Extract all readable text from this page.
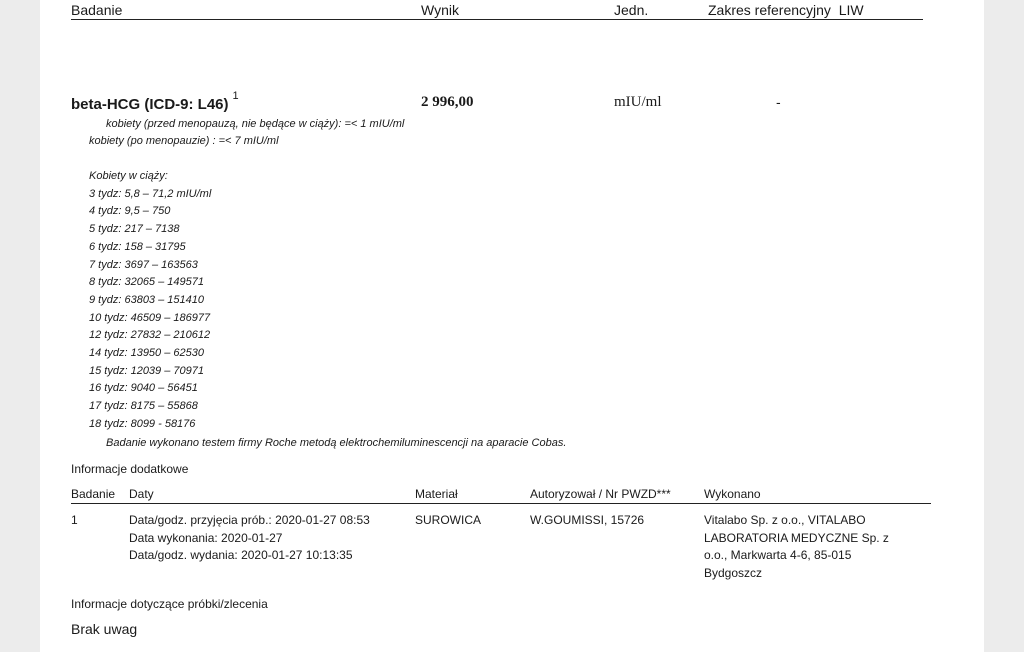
Badanie	Wynik	Jedn.	Zakres referencyjny LIW
beta-HCG (ICD-9: L46) $^1$	2 996,00	mIU/ml	-
kobiety (przed menopauzą, nie będące w ciąży): =< 1 mIU/ml
kobiety (po menopauzie) : =< 7 mIU/ml
Kobiety w ciąży:
3 tydz: 5,8 – 71,2 mIU/ml
4 tydz: 9,5 – 750
5 tydz: 217 – 7138
6 tydz: 158 – 31795
7 tydz: 3697 – 163563
8 tydz: 32065 – 149571
9 tydz: 63803 – 151410
10 tydz: 46509 – 186977
12 tydz: 27832 – 210612
14 tydz: 13950 – 62530
15 tydz: 12039 – 70971
16 tydz: 9040 – 56451
17 tydz: 8175 – 55868
18 tydz: 8099 - 58176
Badanie wykonano testem firmy Roche metodą elektrochemiluminescencji na aparacie Cobas.
Informacje dodatkowe
Badanie Daty	Materiał	Autoryzował / Nr PWZD***	Wykonano
1	Data/godz. przyjęcia prób.: 2020-01-27 08:53
Data wykonania: 2020-01-27
Data/godz. wydania: 2020-01-27 10:13:35
SUROWICA	W.GOUMISSI, 15726	Vitalabo Sp. z o.o., VITALABO
LABORATORIA MEDYCZNE Sp. z
o.o., Markwarta 4-6, 85-015
Bydgoszcz
Informacje dotyczące próbki/zlecenia
Brak uwag
